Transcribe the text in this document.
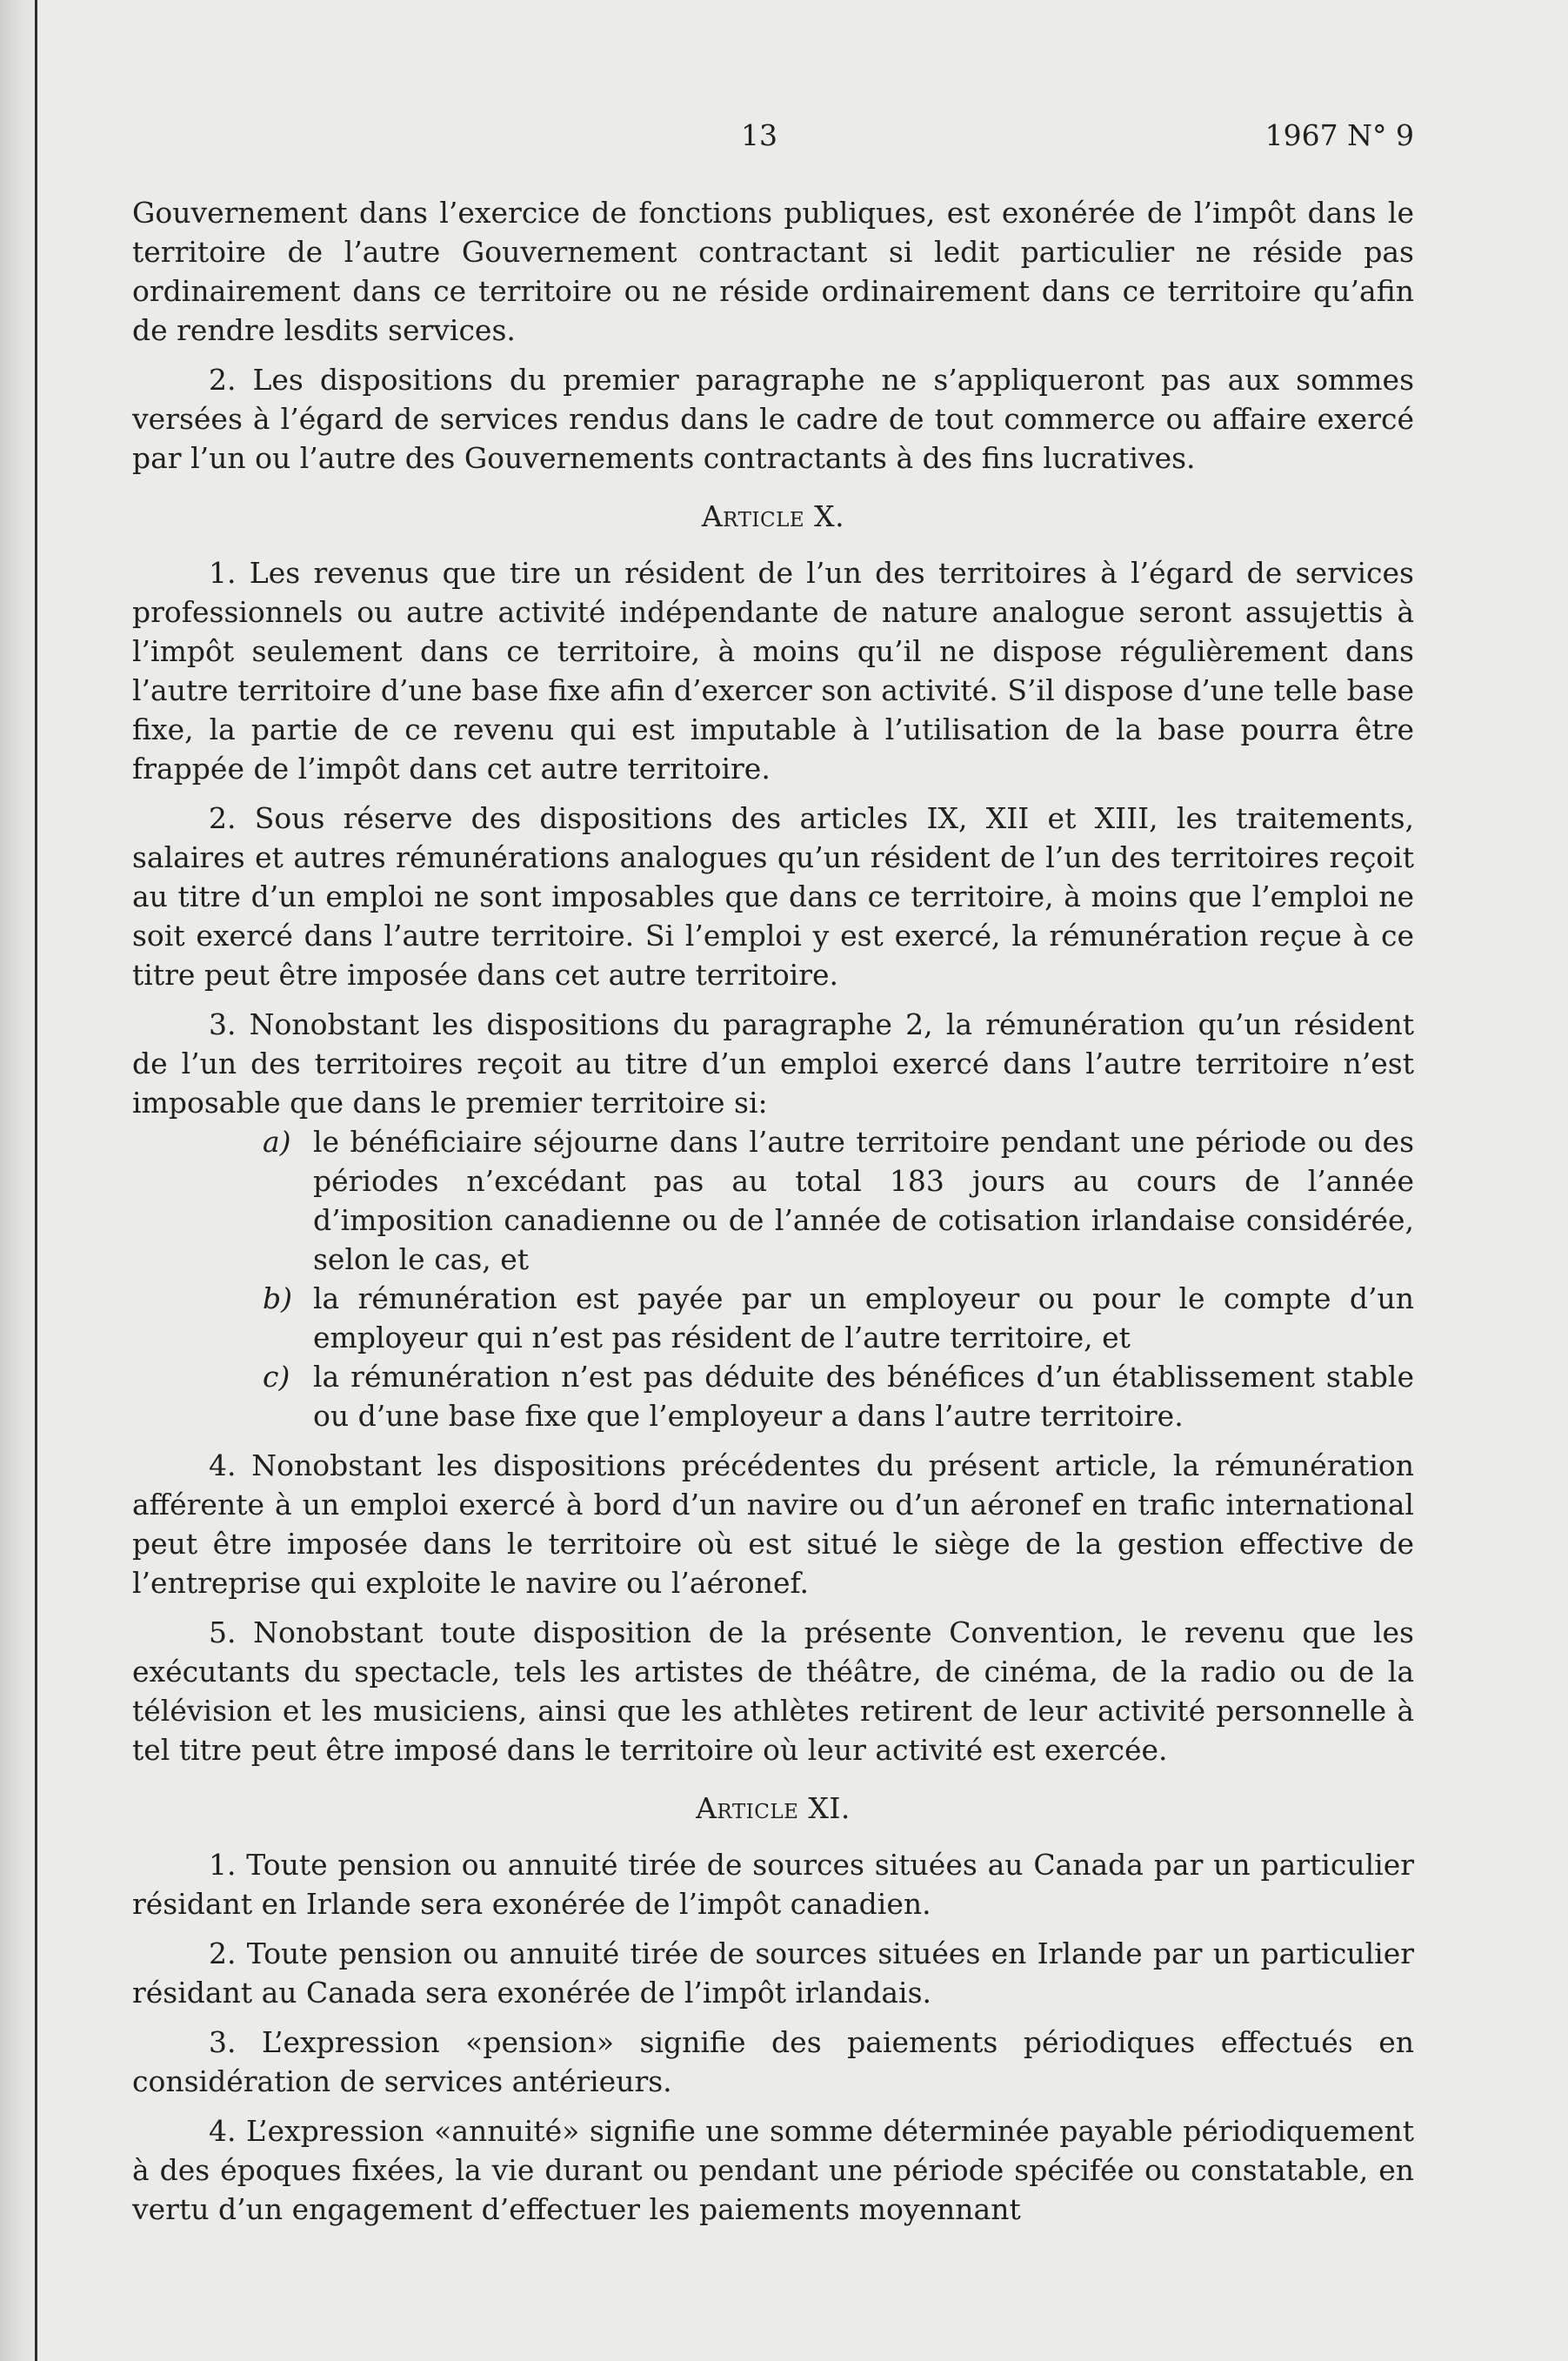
13	1967 N° 9

Gouvernement dans l’exercice de fonctions publiques, est exonérée de l’impôt dans le territoire de l’autre Gouvernement contractant si ledit particulier ne réside pas ordinairement dans ce territoire ou ne réside ordinairement dans ce territoire qu’afin de rendre lesdits services.

2. Les dispositions du premier paragraphe ne s’appliqueront pas aux sommes versées à l’égard de services rendus dans le cadre de tout commerce ou affaire exercé par l’un ou l’autre des Gouvernements contractants à des fins lucratives.

Article X.

1. Les revenus que tire un résident de l’un des territoires à l’égard de services professionnels ou autre activité indépendante de nature analogue seront assujettis à l’impôt seulement dans ce territoire, à moins qu’il ne dispose régulièrement dans l’autre territoire d’une base fixe afin d’exercer son activité. S’il dispose d’une telle base fixe, la partie de ce revenu qui est imputable à l’utilisation de la base pourra être frappée de l’impôt dans cet autre territoire.

2. Sous réserve des dispositions des articles IX, XII et XIII, les traitements, salaires et autres rémunérations analogues qu’un résident de l’un des territoires reçoit au titre d’un emploi ne sont imposables que dans ce territoire, à moins que l’emploi ne soit exercé dans l’autre territoire. Si l’emploi y est exercé, la rémunération reçue à ce titre peut être imposée dans cet autre territoire.

3. Nonobstant les dispositions du paragraphe 2, la rémunération qu’un résident de l’un des territoires reçoit au titre d’un emploi exercé dans l’autre territoire n’est imposable que dans le premier territoire si:

a) le bénéficiaire séjourne dans l’autre territoire pendant une période ou des périodes n’excédant pas au total 183 jours au cours de l’année d’imposition canadienne ou de l’année de cotisation irlandaise considérée, selon le cas, et
b) la rémunération est payée par un employeur ou pour le compte d’un employeur qui n’est pas résident de l’autre territoire, et
c) la rémunération n’est pas déduite des bénéfices d’un établissement stable ou d’une base fixe que l’employeur a dans l’autre territoire.

4. Nonobstant les dispositions précédentes du présent article, la rémunération afférente à un emploi exercé à bord d’un navire ou d’un aéronef en trafic international peut être imposée dans le territoire où est situé le siège de la gestion effective de l’entreprise qui exploite le navire ou l’aéronef.

5. Nonobstant toute disposition de la présente Convention, le revenu que les exécutants du spectacle, tels les artistes de théâtre, de cinéma, de la radio ou de la télévision et les musiciens, ainsi que les athlètes retirent de leur activité personnelle à tel titre peut être imposé dans le territoire où leur activité est exercée.

Article XI.

1. Toute pension ou annuité tirée de sources situées au Canada par un particulier résidant en Irlande sera exonérée de l’impôt canadien.

2. Toute pension ou annuité tirée de sources situées en Irlande par un particulier résidant au Canada sera exonérée de l’impôt irlandais.

3. L’expression «pension» signifie des paiements périodiques effectués en considération de services antérieurs.

4. L’expression «annuité» signifie une somme déterminée payable périodiquement à des époques fixées, la vie durant ou pendant une période spécifée ou constatable, en vertu d’un engagement d’effectuer les paiements moyennant
